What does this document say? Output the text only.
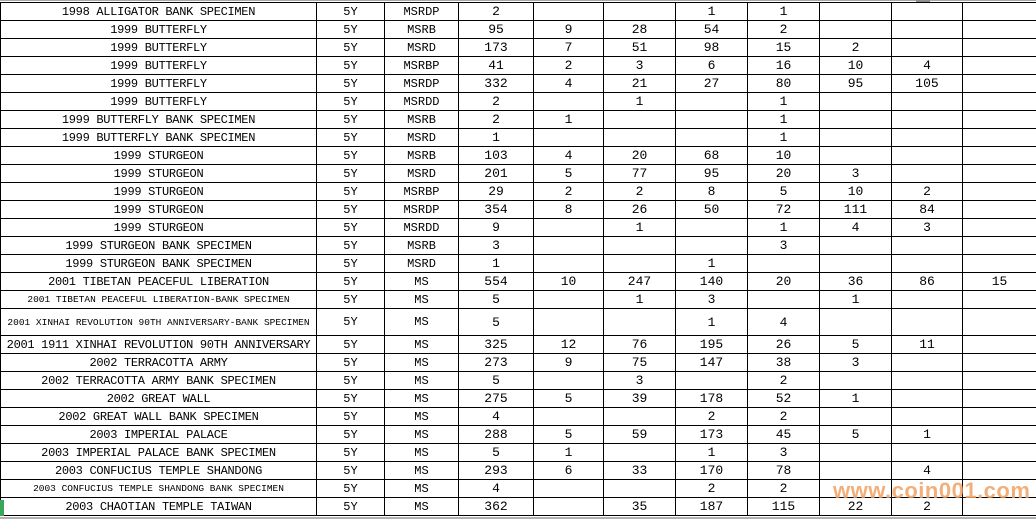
1998 ALLIGATOR BANK SPECIMEN	5Y	MSRDP	2			1	1			
1999 BUTTERFLY	5Y	MSRB	95	9	28	54	2			
1999 BUTTERFLY	5Y	MSRD	173	7	51	98	15	2		
1999 BUTTERFLY	5Y	MSRBP	41	2	3	6	16	10	4	
1999 BUTTERFLY	5Y	MSRDP	332	4	21	27	80	95	105	
1999 BUTTERFLY	5Y	MSRDD	2		1		1			
1999 BUTTERFLY BANK SPECIMEN	5Y	MSRB	2	1			1			
1999 BUTTERFLY BANK SPECIMEN	5Y	MSRD	1				1			
1999 STURGEON	5Y	MSRB	103	4	20	68	10			
1999 STURGEON	5Y	MSRD	201	5	77	95	20	3		
1999 STURGEON	5Y	MSRBP	29	2	2	8	5	10	2	
1999 STURGEON	5Y	MSRDP	354	8	26	50	72	111	84	
1999 STURGEON	5Y	MSRDD	9		1		1	4	3	
1999 STURGEON BANK SPECIMEN	5Y	MSRB	3				3			
1999 STURGEON BANK SPECIMEN	5Y	MSRD	1			1				
2001 TIBETAN PEACEFUL LIBERATION	5Y	MS	554	10	247	140	20	36	86	15
2001 TIBETAN PEACEFUL LIBERATION-BANK SPECIMEN	5Y	MS	5		1	3		1		
2001 XINHAI REVOLUTION 90TH ANNIVERSARY-BANK SPECIMEN	5Y	MS	5			1	4			
2001 1911 XINHAI REVOLUTION 90TH ANNIVERSARY	5Y	MS	325	12	76	195	26	5	11	
2002 TERRACOTTA ARMY	5Y	MS	273	9	75	147	38	3		
2002 TERRACOTTA ARMY BANK SPECIMEN	5Y	MS	5		3		2			
2002 GREAT WALL	5Y	MS	275	5	39	178	52	1		
2002 GREAT WALL BANK SPECIMEN	5Y	MS	4			2	2			
2003 IMPERIAL PALACE	5Y	MS	288	5	59	173	45	5	1	
2003 IMPERIAL PALACE BANK SPECIMEN	5Y	MS	5	1		1	3			
2003 CONFUCIUS TEMPLE SHANDONG	5Y	MS	293	6	33	170	78		4	
2003 CONFUCIUS TEMPLE SHANDONG BANK SPECIMEN	5Y	MS	4			2	2			
2003 CHAOTIAN TEMPLE TAIWAN	5Y	MS	362		35	187	115	22	2	
www.coin001.com
